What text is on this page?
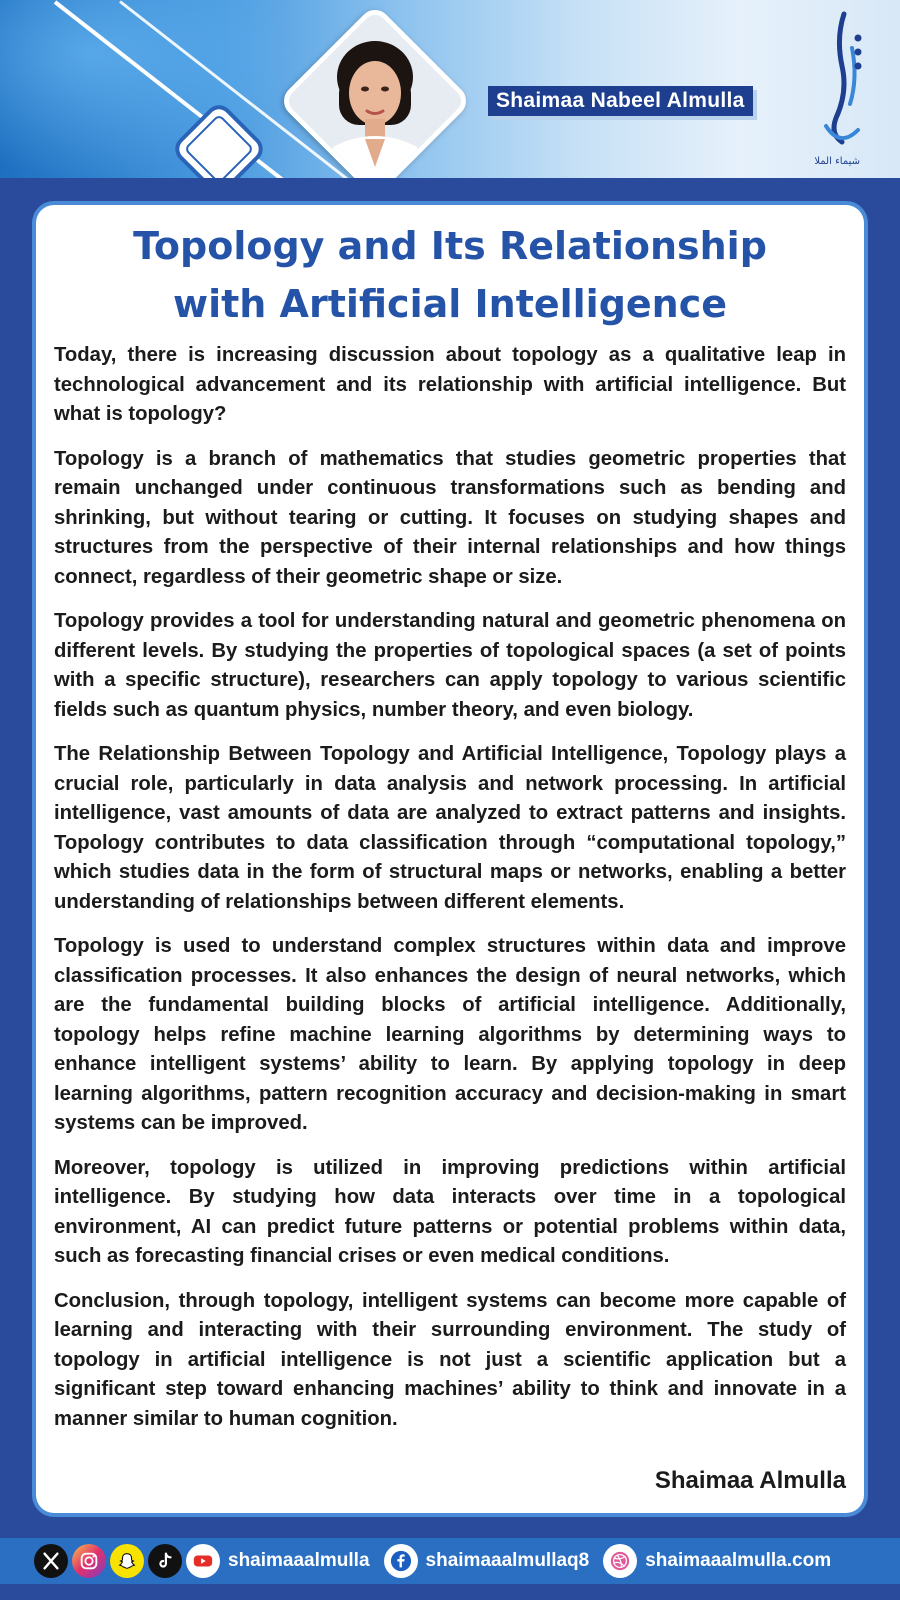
Shaimaa Nabeel Almulla
شيماء الملا
Topology and Its Relationship
with Artificial Intelligence

Today, there is increasing discussion about topology as a qualitative leap in technological advancement and its relationship with artificial intelligence. But what is topology?

Topology is a branch of mathematics that studies geometric properties that remain unchanged under continuous transformations such as bending and shrinking, but without tearing or cutting. It focuses on studying shapes and structures from the perspective of their internal relationships and how things connect, regardless of their geometric shape or size.

Topology provides a tool for understanding natural and geometric phenomena on different levels. By studying the properties of topological spaces (a set of points with a specific structure), researchers can apply topology to various scientific fields such as quantum physics, number theory, and even biology.

The Relationship Between Topology and Artificial Intelligence, Topology plays a crucial role, particularly in data analysis and network processing. In artificial intelligence, vast amounts of data are analyzed to extract patterns and insights. Topology contributes to data classification through “computational topology,” which studies data in the form of structural maps or networks, enabling a better understanding of relationships between different elements.

Topology is used to understand complex structures within data and improve classification processes. It also enhances the design of neural networks, which are the fundamental building blocks of artificial intelligence. Additionally, topology helps refine machine learning algorithms by determining ways to enhance intelligent systems’ ability to learn. By applying topology in deep learning algorithms, pattern recognition accuracy and decision-making in smart systems can be improved.

Moreover, topology is utilized in improving predictions within artificial intelligence. By studying how data interacts over time in a topological environment, AI can predict future patterns or potential problems within data, such as forecasting financial crises or even medical conditions.

Conclusion, through topology, intelligent systems can become more capable of learning and interacting with their surrounding environment. The study of topology in artificial intelligence is not just a scientific application but a significant step toward enhancing machines’ ability to think and innovate in a manner similar to human cognition.

Shaimaa Almulla
shaimaaalmulla	shaimaaalmullaq8	shaimaaalmulla.com
